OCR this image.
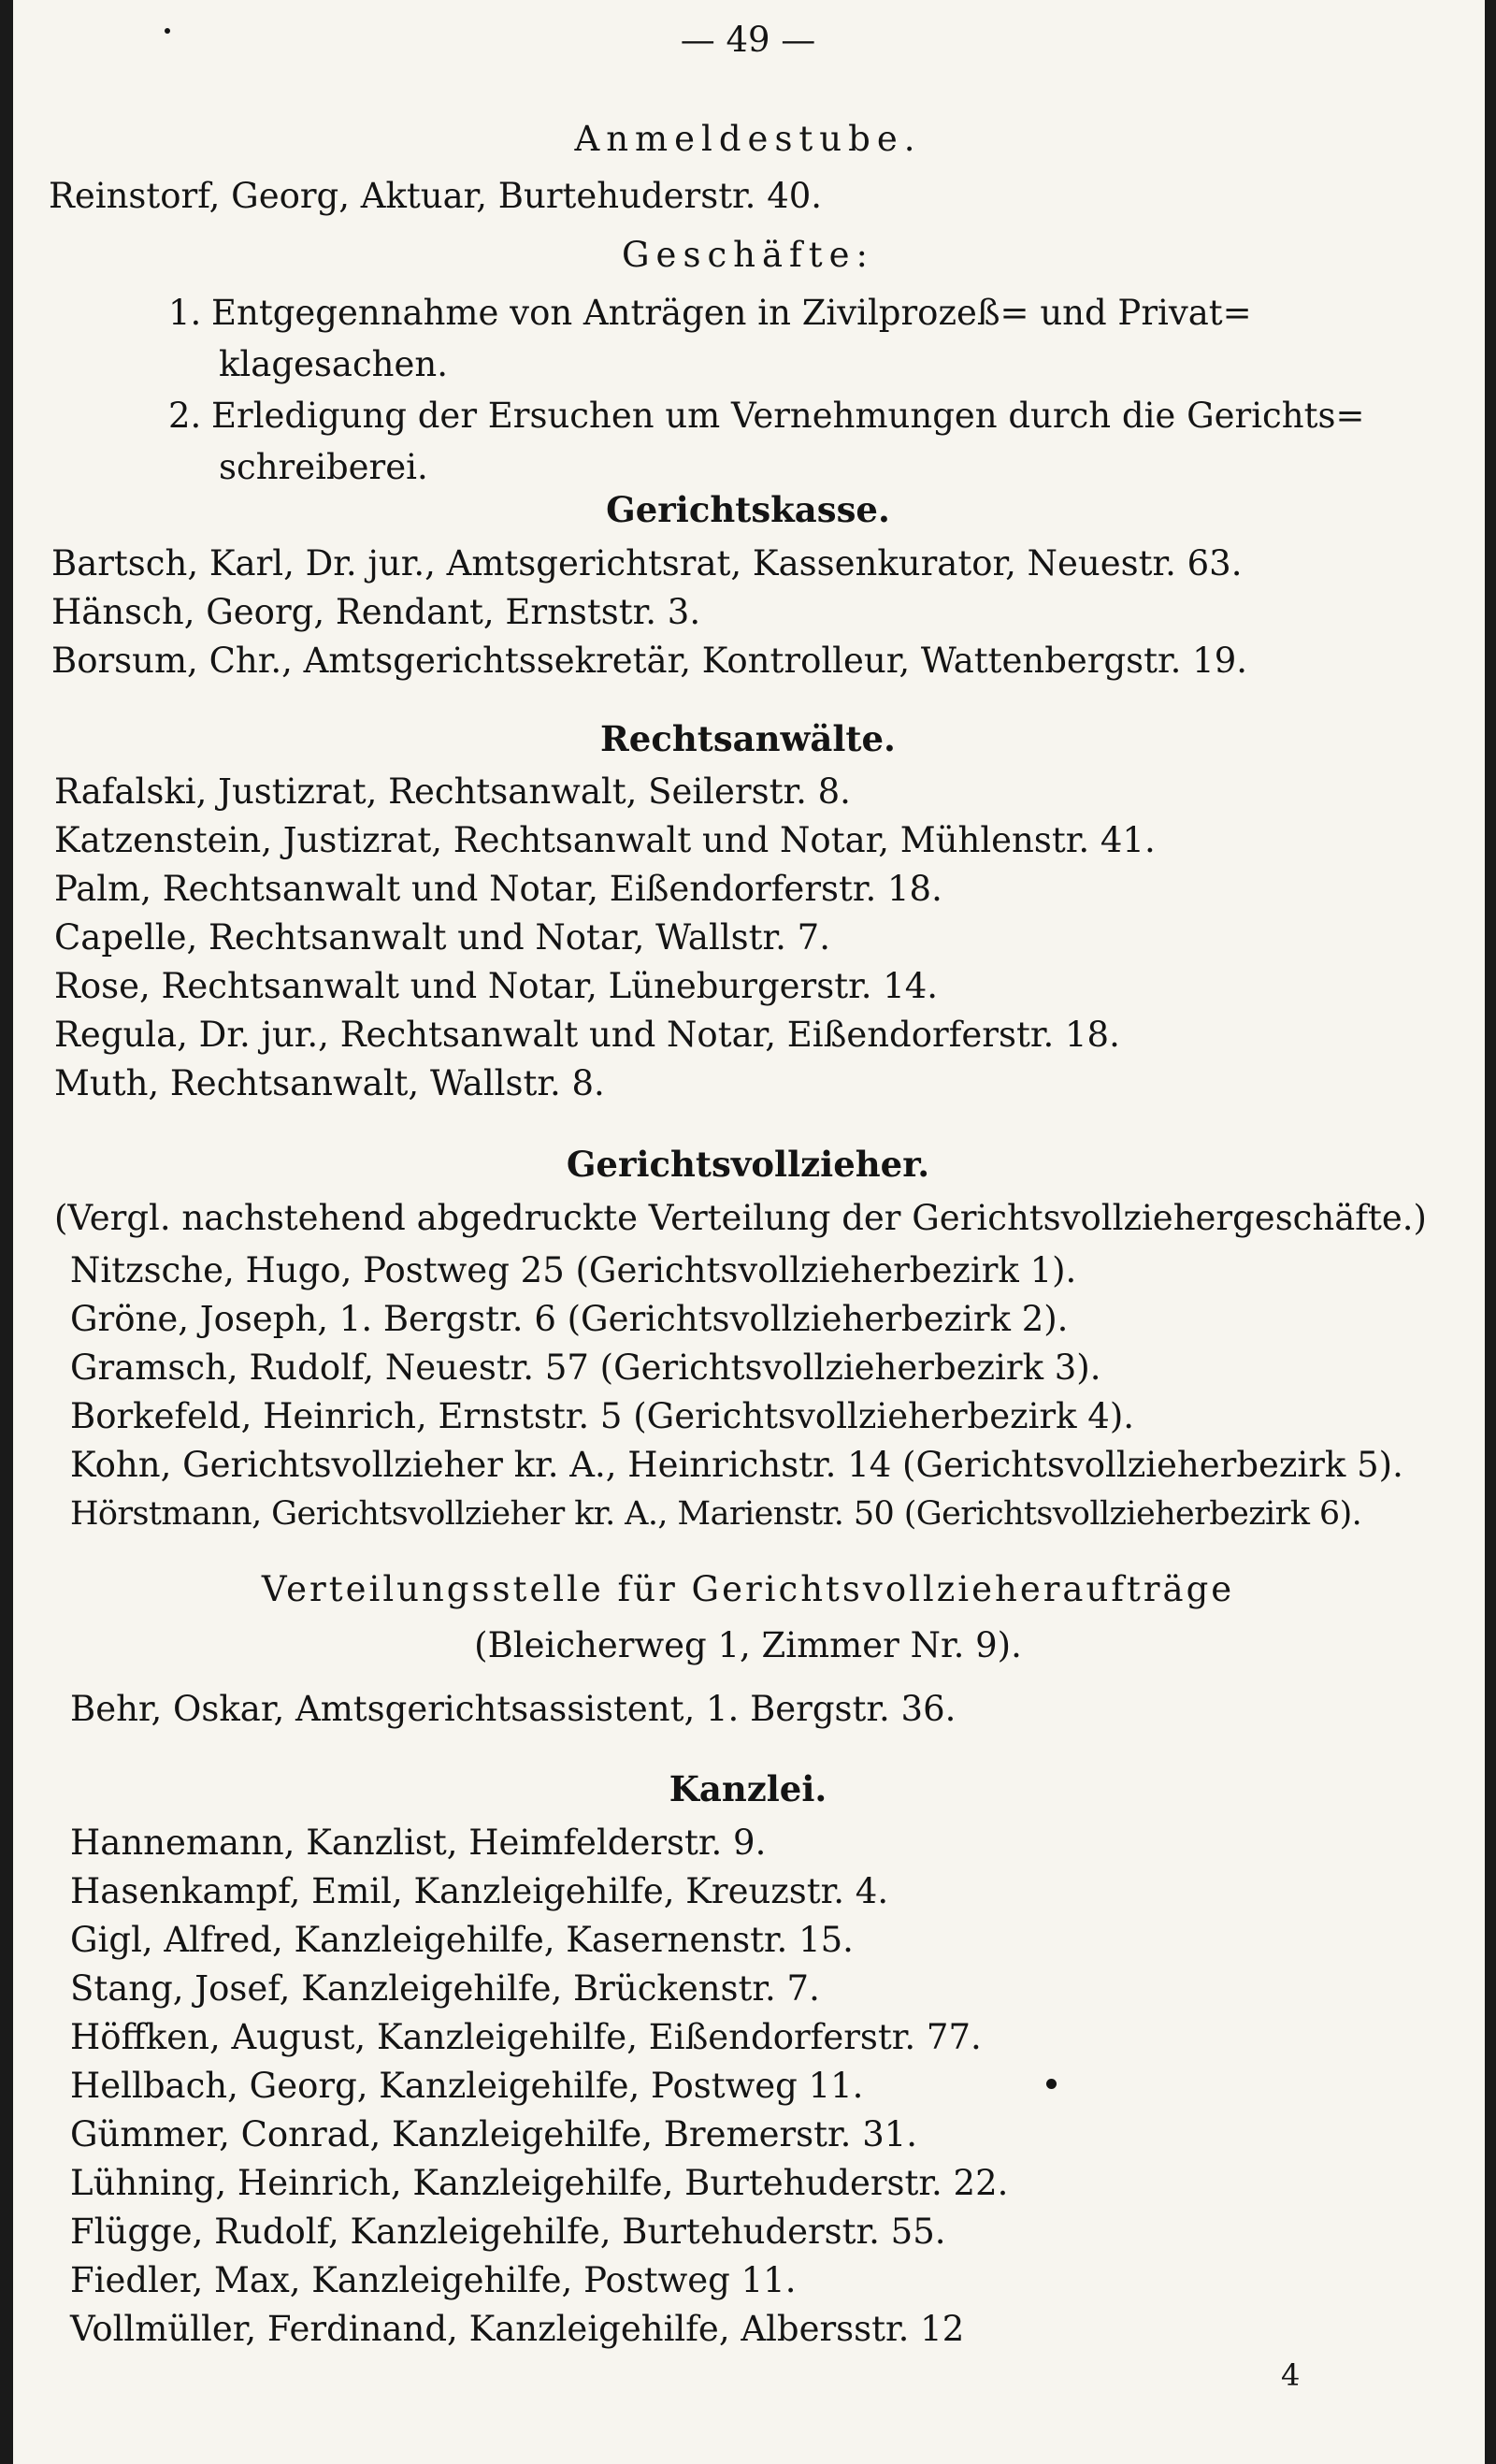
— 49 —
Anmeldestube.
Reinstorf, Georg, Aktuar, Burtehuderstr. 40.
Geschäfte:
1. Entgegennahme von Anträgen in Zivilprozeß= und Privat=
klagesachen.
2. Erledigung der Ersuchen um Vernehmungen durch die Gerichts=
schreiberei.
Gerichtskasse.
Bartsch, Karl, Dr. jur., Amtsgerichtsrat, Kassenkurator, Neuestr. 63.
Hänsch, Georg, Rendant, Ernststr. 3.
Borsum, Chr., Amtsgerichtssekretär, Kontrolleur, Wattenbergstr. 19.
Rechtsanwälte.
Rafalski, Justizrat, Rechtsanwalt, Seilerstr. 8.
Katzenstein, Justizrat, Rechtsanwalt und Notar, Mühlenstr. 41.
Palm, Rechtsanwalt und Notar, Eißendorferstr. 18.
Capelle, Rechtsanwalt und Notar, Wallstr. 7.
Rose, Rechtsanwalt und Notar, Lüneburgerstr. 14.
Regula, Dr. jur., Rechtsanwalt und Notar, Eißendorferstr. 18.
Muth, Rechtsanwalt, Wallstr. 8.
Gerichtsvollzieher.
(Vergl. nachstehend abgedruckte Verteilung der Gerichtsvollziehergeschäfte.)
Nitzsche, Hugo, Postweg 25 (Gerichtsvollzieherbezirk 1).
Gröne, Joseph, 1. Bergstr. 6 (Gerichtsvollzieherbezirk 2).
Gramsch, Rudolf, Neuestr. 57 (Gerichtsvollzieherbezirk 3).
Borkefeld, Heinrich, Ernststr. 5 (Gerichtsvollzieherbezirk 4).
Kohn, Gerichtsvollzieher kr. A., Heinrichstr. 14 (Gerichtsvollzieherbezirk 5).
Hörstmann, Gerichtsvollzieher kr. A., Marienstr. 50 (Gerichtsvollzieherbezirk 6).
Verteilungsstelle für Gerichtsvollzieheraufträge
(Bleicherweg 1, Zimmer Nr. 9).
Behr, Oskar, Amtsgerichtsassistent, 1. Bergstr. 36.
Kanzlei.
Hannemann, Kanzlist, Heimfelderstr. 9.
Hasenkampf, Emil, Kanzleigehilfe, Kreuzstr. 4.
Gigl, Alfred, Kanzleigehilfe, Kasernenstr. 15.
Stang, Josef, Kanzleigehilfe, Brückenstr. 7.
Höffken, August, Kanzleigehilfe, Eißendorferstr. 77.
Hellbach, Georg, Kanzleigehilfe, Postweg 11.
Gümmer, Conrad, Kanzleigehilfe, Bremerstr. 31.
Lühning, Heinrich, Kanzleigehilfe, Burtehuderstr. 22.
Flügge, Rudolf, Kanzleigehilfe, Burtehuderstr. 55.
Fiedler, Max, Kanzleigehilfe, Postweg 11.
Vollmüller, Ferdinand, Kanzleigehilfe, Albersstr. 12
4
